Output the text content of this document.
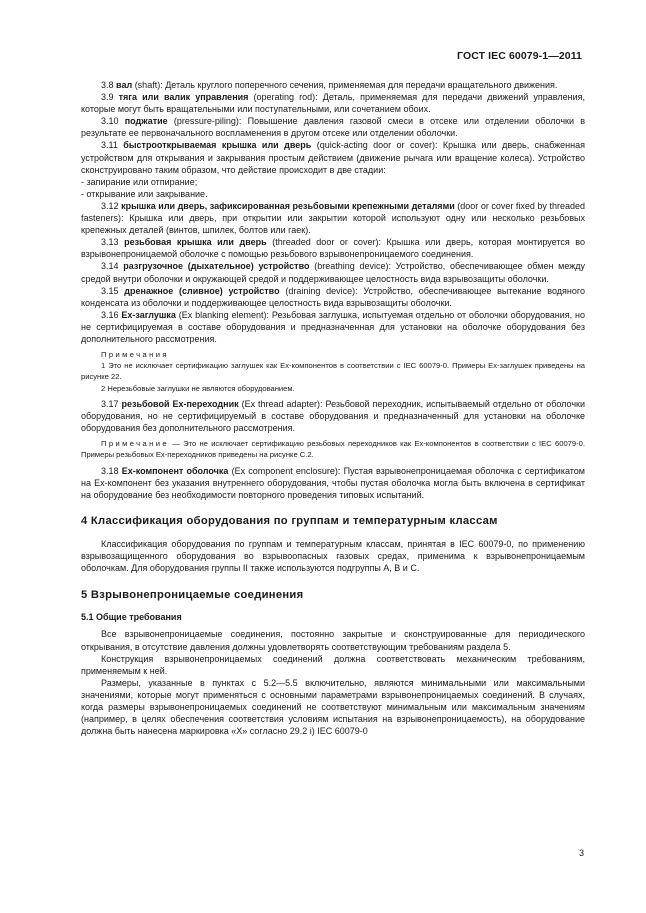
ГОСТ IEC 60079-1—2011

3.8 вал (shaft): Деталь круглого поперечного сечения, применяемая для передачи вращательного движения.

3.9 тяга или валик управления (operating rod): Деталь, применяемая для передачи движений управления, которые могут быть вращательными или поступательными, или сочетанием обоих.

3.10 поджатие (pressure-piling): Повышение давления газовой смеси в отсеке или отделении оболочки в результате ее первоначального воспламенения в другом отсеке или отделении оболочки.

3.11 быстрооткрываемая крышка или дверь (quick-acting door or cover): Крышка или дверь, снабженная устройством для открывания и закрывания простым действием (движение рычага или вращение колеса). Устройство сконструировано таким образом, что действие происходит в две стадии:

- запирание или отпирание;

- открывание или закрывание.

3.12 крышка или дверь, зафиксированная резьбовыми крепежными деталями (door or cover fixed by threaded fasteners): Крышка или дверь, при открытии или закрытии которой используют одну или несколько резьбовых крепежных деталей (винтов, шпилек, болтов или гаек).

3.13 резьбовая крышка или дверь (threaded door or cover): Крышка или дверь, которая монтируется во взрывонепроницаемой оболочке с помощью резьбового взрывонепроницаемого соединения.

3.14 разгрузочное (дыхательное) устройство (breathing device): Устройство, обеспечивающее обмен между средой внутри оболочки и окружающей средой и поддерживающее целостность вида взрывозащиты оболочки.

3.15 дренажное (сливное) устройство (draining device): Устройство, обеспечивающее вытекание водяного конденсата из оболочки и поддерживающее целостность вида взрывозащиты оболочки.

3.16 Ex-заглушка (Ex blanking element): Резьбовая заглушка, испытуемая отдельно от оболочки оборудования, но не сертифицируемая в составе оборудования и предназначенная для установки на оболочке оборудования без дополнительного рассмотрения.

Примечания

1 Это не исключает сертификацию заглушек как Ex-компонентов в соответствии с IEC 60079-0. Примеры Ex-заглушек приведены на рисунке 22.

2 Нерезьбовые заглушки не являются оборудованием.

3.17 резьбовой Ex-переходник (Ex thread adapter): Резьбовой переходник, испытываемый отдельно от оболочки оборудования, но не сертифицируемый в составе оборудования и предназначенный для установки на оболочке оборудования без дополнительного рассмотрения.

Примечание — Это не исключает сертификацию резьбовых переходников как Ex-компонентов в соответствии с IEC 60079-0. Примеры резьбовых Ex-переходников приведены на рисунке С.2.

3.18 Ex-компонент оболочка (Ex component enclosure): Пустая взрывонепроницаемая оболочка с сертификатом на Ex-компонент без указания внутреннего оборудования, чтобы пустая оболочка могла быть включена в сертификат на оборудование без необходимости повторного проведения типовых испытаний.

4 Классификация оборудования по группам и температурным классам

Классификация оборудования по группам и температурным классам, принятая в IEC 60079-0, по применению взрывозащищенного оборудования во взрывоопасных газовых средах, применима к взрывонепроницаемым оболочкам. Для оборудования группы II также используются подгруппы А, В и С.

5 Взрывонепроницаемые соединения

5.1 Общие требования

Все взрывонепроницаемые соединения, постоянно закрытые и сконструированные для периодического открывания, в отсутствие давления должны удовлетворять соответствующим требованиям раздела 5.

Конструкция взрывонепроницаемых соединений должна соответствовать механическим требованиям, применяемым к ней.

Размеры, указанные в пунктах с 5.2—5.5 включительно, являются минимальными или максимальными значениями, которые могут применяться с основными параметрами взрывонепроницаемых соединений. В случаях, когда размеры взрывонепроницаемых соединений не соответствуют минимальным или максимальным значениям (например, в целях обеспечения соответствия условиям испытания на взрывонепроницаемость), на оборудование должна быть нанесена маркировка «Х» согласно 29.2 i) IEC 60079-0

3
